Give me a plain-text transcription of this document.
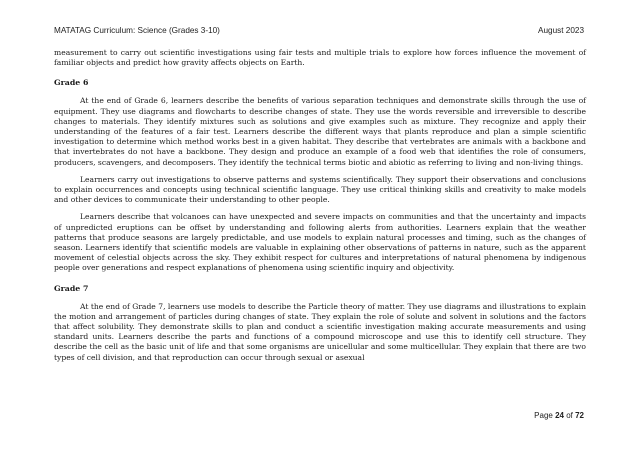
MATATAG Curriculum: Science (Grades 3-10)	August 2023

measurement to carry out scientific investigations using fair tests and multiple trials to explore how forces influence the movement of familiar objects and predict how gravity affects objects on Earth.

Grade 6

At the end of Grade 6, learners describe the benefits of various separation techniques and demonstrate skills through the use of equipment. They use diagrams and flowcharts to describe changes of state. They use the words reversible and irreversible to describe changes to materials. They identify mixtures such as solutions and give examples such as mixture. They recognize and apply their understanding of the features of a fair test. Learners describe the different ways that plants reproduce and plan a simple scientific investigation to determine which method works best in a given habitat. They describe that vertebrates are animals with a backbone and that invertebrates do not have a backbone. They design and produce an example of a food web that identifies the role of consumers, producers, scavengers, and decomposers. They identify the technical terms biotic and abiotic as referring to living and non-living things.

Learners carry out investigations to observe patterns and systems scientifically. They support their observations and conclusions to explain occurrences and concepts using technical scientific language. They use critical thinking skills and creativity to make models and other devices to communicate their understanding to other people.

Learners describe that volcanoes can have unexpected and severe impacts on communities and that the uncertainty and impacts of unpredicted eruptions can be offset by understanding and following alerts from authorities. Learners explain that the weather patterns that produce seasons are largely predictable, and use models to explain natural processes and timing, such as the changes of season. Learners identify that scientific models are valuable in explaining other observations of patterns in nature, such as the apparent movement of celestial objects across the sky. They exhibit respect for cultures and interpretations of natural phenomena by indigenous people over generations and respect explanations of phenomena using scientific inquiry and objectivity.

Grade 7

At the end of Grade 7, learners use models to describe the Particle theory of matter. They use diagrams and illustrations to explain the motion and arrangement of particles during changes of state. They explain the role of solute and solvent in solutions and the factors that affect solubility. They demonstrate skills to plan and conduct a scientific investigation making accurate measurements and using standard units. Learners describe the parts and functions of a compound microscope and use this to identify cell structure. They describe the cell as the basic unit of life and that some organisms are unicellular and some multicellular. They explain that there are two types of cell division, and that reproduction can occur through sexual or asexual

Page 24 of 72
